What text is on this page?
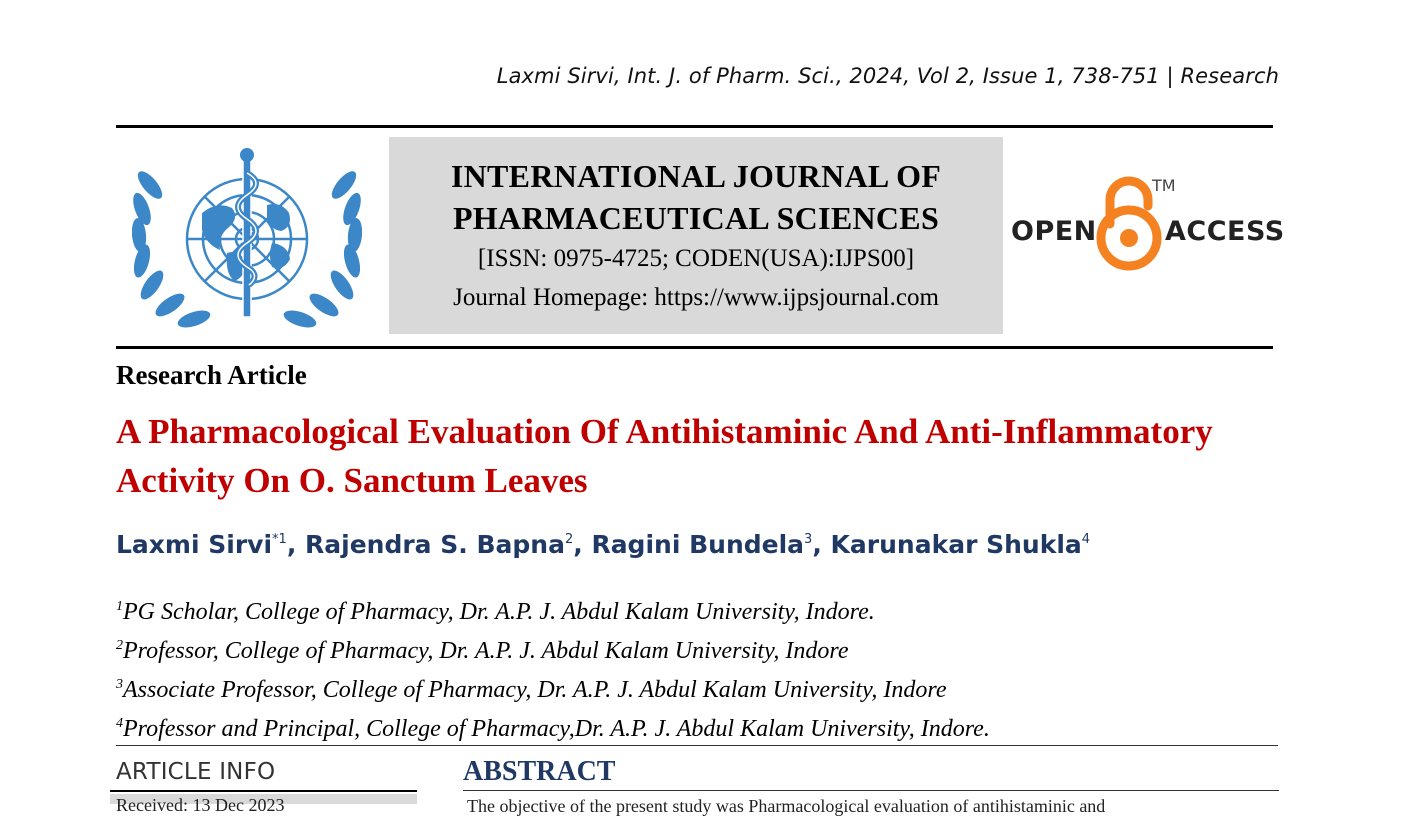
Laxmi Sirvi, Int. J. of Pharm. Sci., 2024, Vol 2, Issue 1, 738-751 | Research
INTERNATIONAL JOURNAL OF
PHARMACEUTICAL SCIENCES
[ISSN: 0975-4725; CODEN(USA):IJPS00]
Journal Homepage: https://www.ijpsjournal.com
OPEN
TM
ACCESS
Research Article
A Pharmacological Evaluation Of Antihistaminic And Anti-Inflammatory Activity On O. Sanctum Leaves
Laxmi Sirvi$^{*1}$, Rajendra S. Bapna$^2$, Ragini Bundela$^3$, Karunakar Shukla$^4$
$^1$PG Scholar, College of Pharmacy, Dr. A.P. J. Abdul Kalam University, Indore.
$^2$Professor, College of Pharmacy, Dr. A.P. J. Abdul Kalam University, Indore
$^3$Associate Professor, College of Pharmacy, Dr. A.P. J. Abdul Kalam University, Indore
$^4$Professor and Principal, College of Pharmacy,Dr. A.P. J. Abdul Kalam University, Indore.
ARTICLE INFO
Received: 13 Dec 2023
ABSTRACT
The objective of the present study was Pharmacological evaluation of antihistaminic and
